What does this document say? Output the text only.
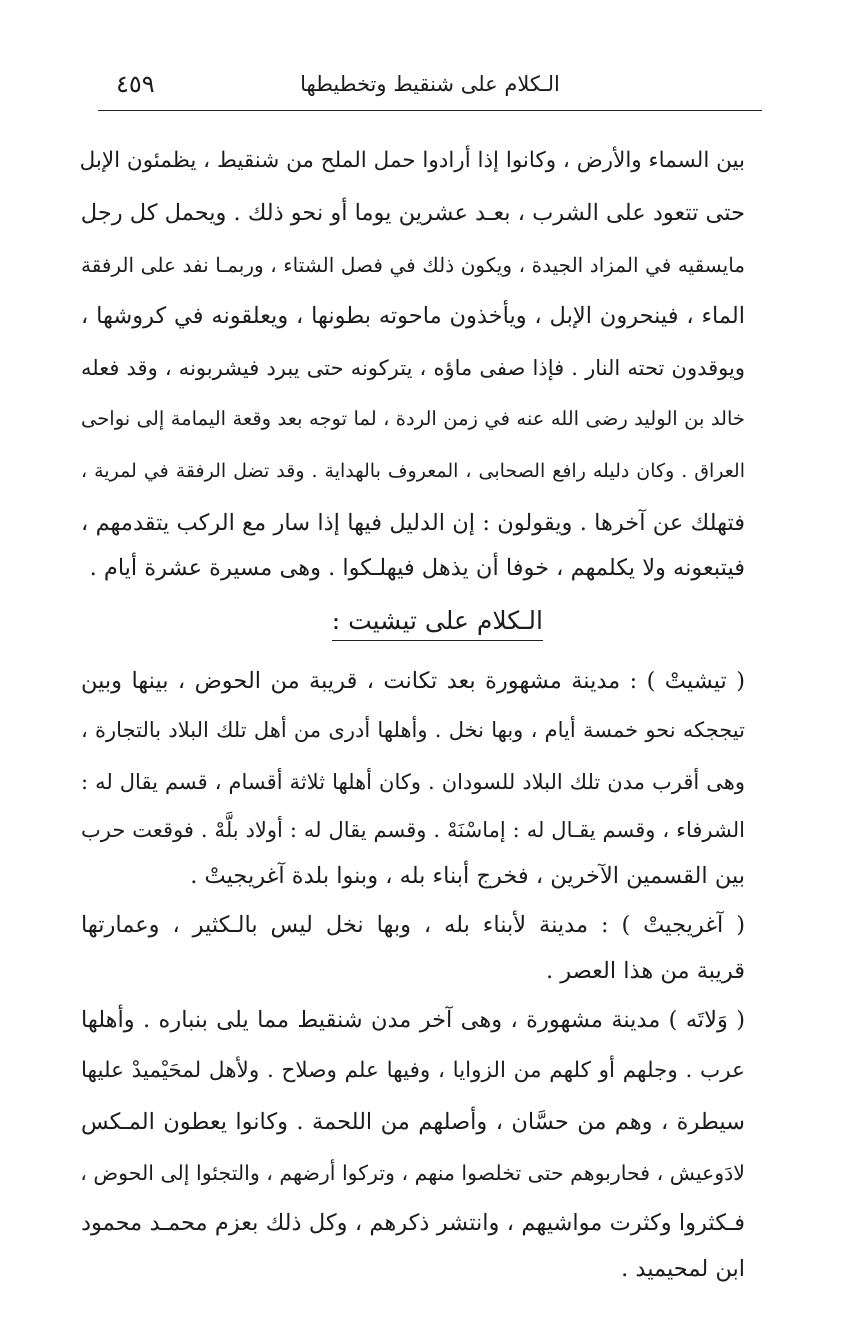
الـكلام على شنقيط وتخطيطها
٤٥٩
بين السماء والأرض ، وكانوا إذا أرادوا حمل الملح من شنقيط ، يظمئون الإبل
حتى تتعود على الشرب ، بعـد عشرين يوما أو نحو ذلك . ويحمل كل رجل
مايسقيه في المزاد الجيدة ، ويكون ذلك في فصل الشتاء ، وربمـا نفد على الرفقة
الماء ، فينحرون الإبل ، ويأخذون ماحوته بطونها ، ويعلقونه في كروشها ،
ويوقدون تحته النار . فإذا صفى ماؤه ، يتركونه حتى يبرد فيشربونه ، وقد فعله
خالد بن الوليد رضى الله عنه في زمن الردة ، لما توجه بعد وقعة اليمامة إلى نواحى
العراق . وكان دليله رافع الصحابى ، المعروف بالهداية . وقد تضل الرفقة في لمرية ،
فتهلك عن آخرها . ويقولون : إن الدليل فيها إذا سار مع الركب يتقدمهم ،
فيتبعونه ولا يكلمهم ، خوفا أن يذهل فيهلـكوا . وهى مسيرة عشرة أيام .
الـكلام على تيشيت :
( تيشيتْ ) : مدينة مشهورة بعد تكانت ، قريبة من الحوض ، بينها وبين
تيججكه نحو خمسة أيام ، وبها نخل . وأهلها أدرى من أهل تلك البلاد بالتجارة ،
وهى أقرب مدن تلك البلاد للسودان . وكان أهلها ثلاثة أقسام ، قسم يقال له :
الشرفاء ، وقسم يقـال له : إماسْنَهْ . وقسم يقال له : أولاد بلَّهْ . فوقعت حرب
بين القسمين الآخرين ، فخرج أبناء بله ، وبنوا بلدة آغريجيتْ .
( آغريجيتْ ) : مدينة لأبناء بله ، وبها نخل ليس بالـكثير ، وعمارتها
قريبة من هذا العصر .
( وَلاتَه ) مدينة مشهورة ، وهى آخر مدن شنقيط مما يلى بنباره . وأهلها
عرب . وجلهم أو كلهم من الزوايا ، وفيها علم وصلاح . ولأهل لمحَيْميدْ عليها
سيطرة ، وهم من حسَّان ، وأصلهم من اللحمة . وكانوا يعطون المـكس
لادَوعيش ، فحاربوهم حتى تخلصوا منهم ، وتركوا أرضهم ، والتجئوا إلى الحوض ،
فـكثروا وكثرت مواشيهم ، وانتشر ذكرهم ، وكل ذلك بعزم محمـد محمود
ابن لمحيميد .
